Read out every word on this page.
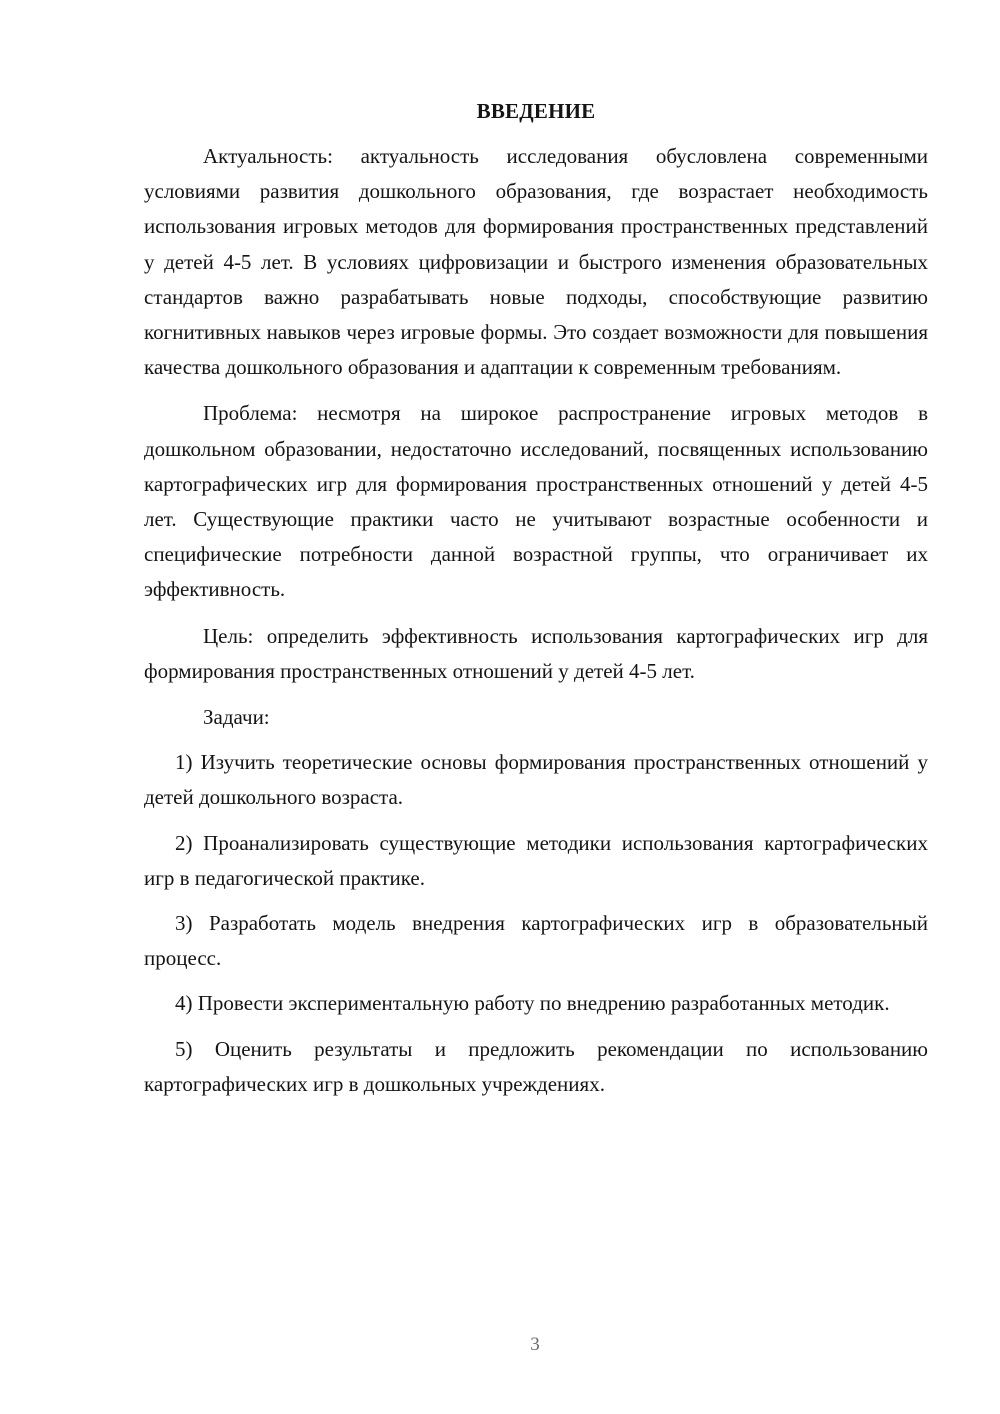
ВВЕДЕНИЕ

Актуальность: актуальность исследования обусловлена современными условиями развития дошкольного образования, где возрастает необходимость использования игровых методов для формирования пространственных представлений у детей 4-5 лет. В условиях цифровизации и быстрого изменения образовательных стандартов важно разрабатывать новые подходы, способствующие развитию когнитивных навыков через игровые формы. Это создает возможности для повышения качества дошкольного образования и адаптации к современным требованиям.

Проблема: несмотря на широкое распространение игровых методов в дошкольном образовании, недостаточно исследований, посвященных использованию картографических игр для формирования пространственных отношений у детей 4-5 лет. Существующие практики часто не учитывают возрастные особенности и специфические потребности данной возрастной группы, что ограничивает их эффективность.

Цель: определить эффективность использования картографических игр для формирования пространственных отношений у детей 4-5 лет.

Задачи:

1) Изучить теоретические основы формирования пространственных отношений у детей дошкольного возраста.

2) Проанализировать существующие методики использования картографических игр в педагогической практике.

3) Разработать модель внедрения картографических игр в образовательный процесс.

4) Провести экспериментальную работу по внедрению разработанных методик.

5) Оценить результаты и предложить рекомендации по использованию картографических игр в дошкольных учреждениях.

3
